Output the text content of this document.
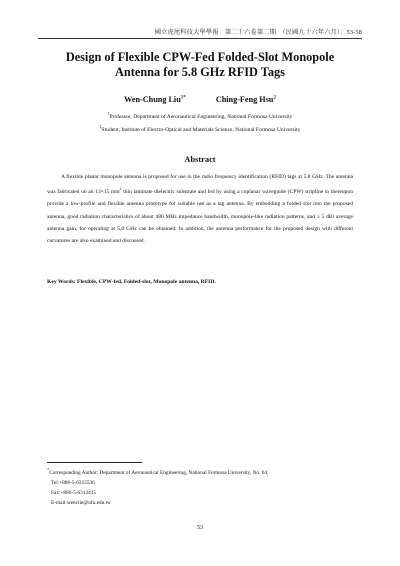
國立虎尾科技大學學報　第二十六卷第二期　（民國九十六年六月）：53-58
Design of Flexible CPW-Fed Folded-Slot Monopole
Antenna for 5.8 GHz RFID Tags
Wen-Chung Liu$^{1*}$	Ching-Feng Hsu$^2$
$^1$Professor, Department of Aeronautical Engineering, National Formosa University
$^2$Student, Institute of Electro-Optical and Materials Science, National Formosa University
Abstract
A flexible planar monopole antenna is proposed for use in the radio frequency identification (RFID) tags at 5.8 GHz. The antenna was fabricated on an 13×15 $mm^2$ thin laminate dielectric substrate and fed by using a coplanar waveguide (CPW) stripline to thereupon provide a low-profile and flexible antenna prototype for suitable use as a tag antenna. By embedding a folded slot into the proposed antenna, good radiation characteristics of about 480 MHz impedance bandwidth, monopole-like radiation patterns, and ≥ 5 dBi average antenna gain, for operating at 5.8 GHz can be obtained. In addition, the antenna performance for the proposed design with different curvatures are also examined and discussed.
Key Words: Flexible, CPW-fed, Folded-slot, Monopole antenna, RFID.
*Corresponding Author: Department of Aeronautical Engineering, National Formosa University, No. 64,
Tel:+886-5-6315536
Fax:+886-5-6312415
E-mail:wenclie@nfu.edu.tw
53
